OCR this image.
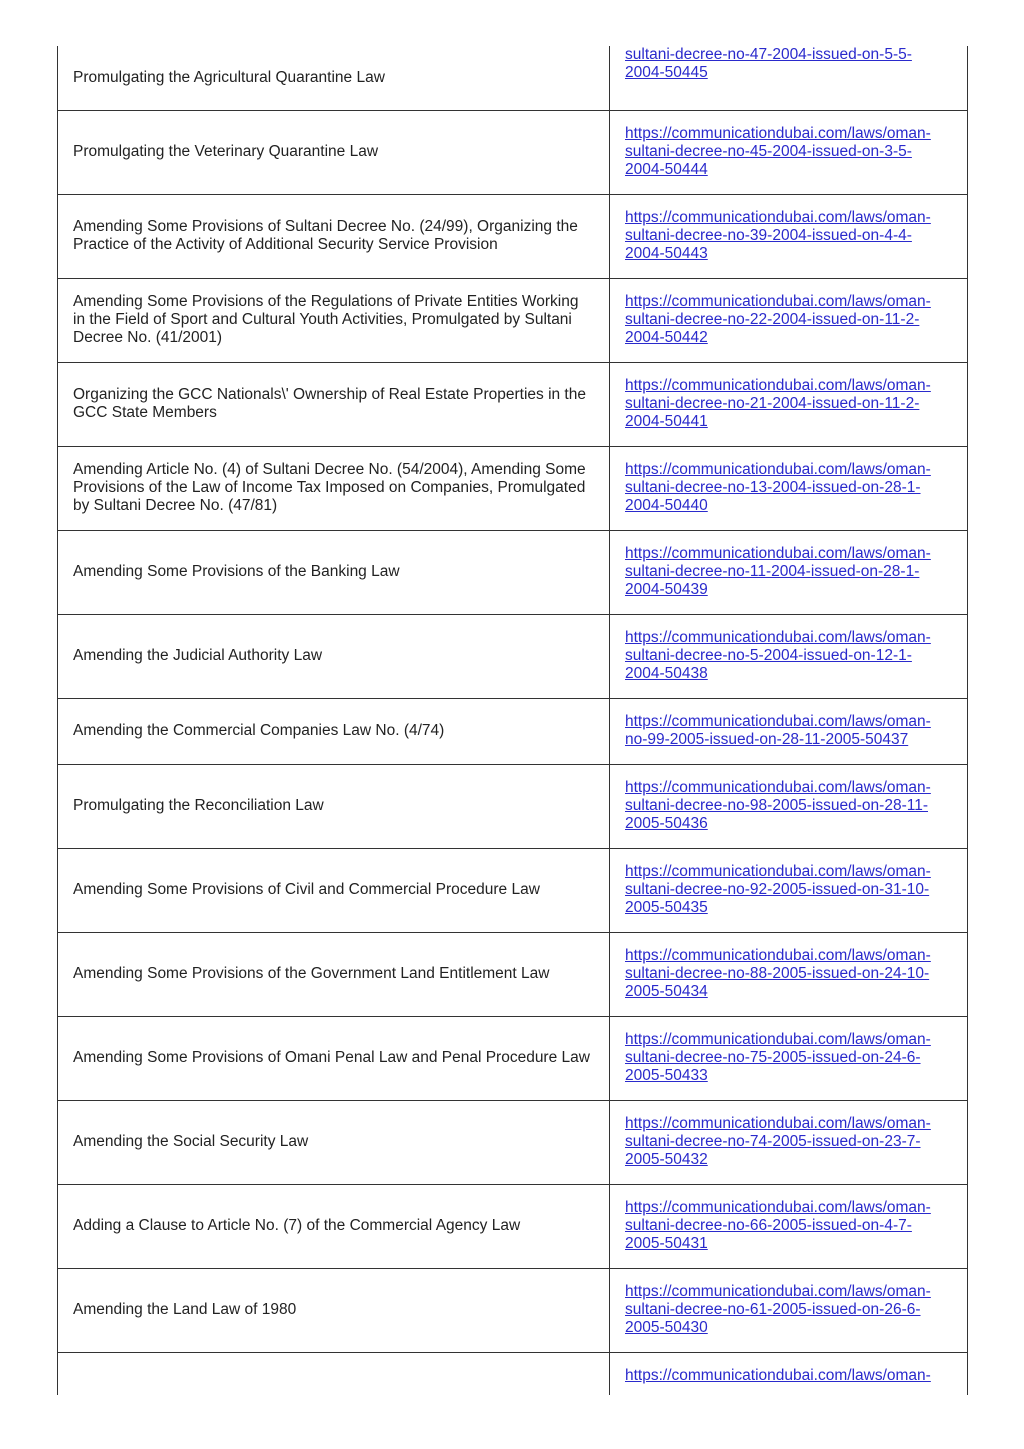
Promulgating the Agricultural Quarantine Law	sultani-decree-no-47-2004-issued-on-5-5-
2004-50445

Promulgating the Veterinary Quarantine Law	https://communicationdubai.com/laws/oman-
sultani-decree-no-45-2004-issued-on-3-5-
2004-50444

Amending Some Provisions of Sultani Decree No. (24/99), Organizing the Practice of the Activity of Additional Security Service Provision	https://communicationdubai.com/laws/oman-
sultani-decree-no-39-2004-issued-on-4-4-
2004-50443

Amending Some Provisions of the Regulations of Private Entities Working in the Field of Sport and Cultural Youth Activities, Promulgated by Sultani Decree No. (41/2001)	https://communicationdubai.com/laws/oman-
sultani-decree-no-22-2004-issued-on-11-2-
2004-50442

Organizing the GCC Nationals\' Ownership of Real Estate Properties in the GCC State Members	https://communicationdubai.com/laws/oman-
sultani-decree-no-21-2004-issued-on-11-2-
2004-50441

Amending Article No. (4) of Sultani Decree No. (54/2004), Amending Some Provisions of the Law of Income Tax Imposed on Companies, Promulgated by Sultani Decree No. (47/81)	https://communicationdubai.com/laws/oman-
sultani-decree-no-13-2004-issued-on-28-1-
2004-50440

Amending Some Provisions of the Banking Law	https://communicationdubai.com/laws/oman-
sultani-decree-no-11-2004-issued-on-28-1-
2004-50439

Amending the Judicial Authority Law	https://communicationdubai.com/laws/oman-
sultani-decree-no-5-2004-issued-on-12-1-
2004-50438

Amending the Commercial Companies Law No. (4/74)	https://communicationdubai.com/laws/oman-
no-99-2005-issued-on-28-11-2005-50437

Promulgating the Reconciliation Law	https://communicationdubai.com/laws/oman-
sultani-decree-no-98-2005-issued-on-28-11-
2005-50436

Amending Some Provisions of Civil and Commercial Procedure Law	https://communicationdubai.com/laws/oman-
sultani-decree-no-92-2005-issued-on-31-10-
2005-50435

Amending Some Provisions of the Government Land Entitlement Law	https://communicationdubai.com/laws/oman-
sultani-decree-no-88-2005-issued-on-24-10-
2005-50434

Amending Some Provisions of Omani Penal Law and Penal Procedure Law	https://communicationdubai.com/laws/oman-
sultani-decree-no-75-2005-issued-on-24-6-
2005-50433

Amending the Social Security Law	https://communicationdubai.com/laws/oman-
sultani-decree-no-74-2005-issued-on-23-7-
2005-50432

Adding a Clause to Article No. (7) of the Commercial Agency Law	https://communicationdubai.com/laws/oman-
sultani-decree-no-66-2005-issued-on-4-7-
2005-50431

Amending the Land Law of 1980	https://communicationdubai.com/laws/oman-
sultani-decree-no-61-2005-issued-on-26-6-
2005-50430

	https://communicationdubai.com/laws/oman-
